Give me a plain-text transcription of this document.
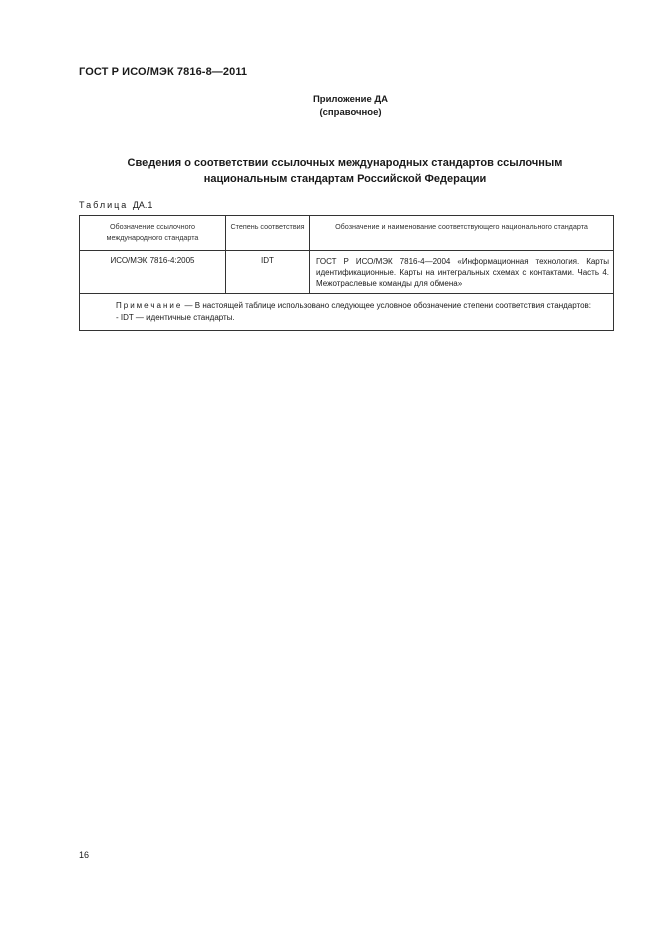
ГОСТ Р ИСО/МЭК 7816-8—2011
Приложение ДА
(справочное)
Сведения о соответствии ссылочных международных стандартов ссылочным
национальным стандартам Российской Федерации
Таблица ДА.1
Обозначение ссылочного международного стандарта	Степень соответствия	Обозначение и наименование соответствующего национального стандарта
ИСО/МЭК 7816-4:2005	IDT	ГОСТ Р ИСО/МЭК 7816-4—2004 «Информационная технология. Карты идентификационные. Карты на интегральных схемах с контактами. Часть 4. Межотраслевые команды для обмена»

Примечание — В настоящей таблице использовано следующее условное обозначение степени соответствия стандартов:
- IDT — идентичные стандарты.		
16
